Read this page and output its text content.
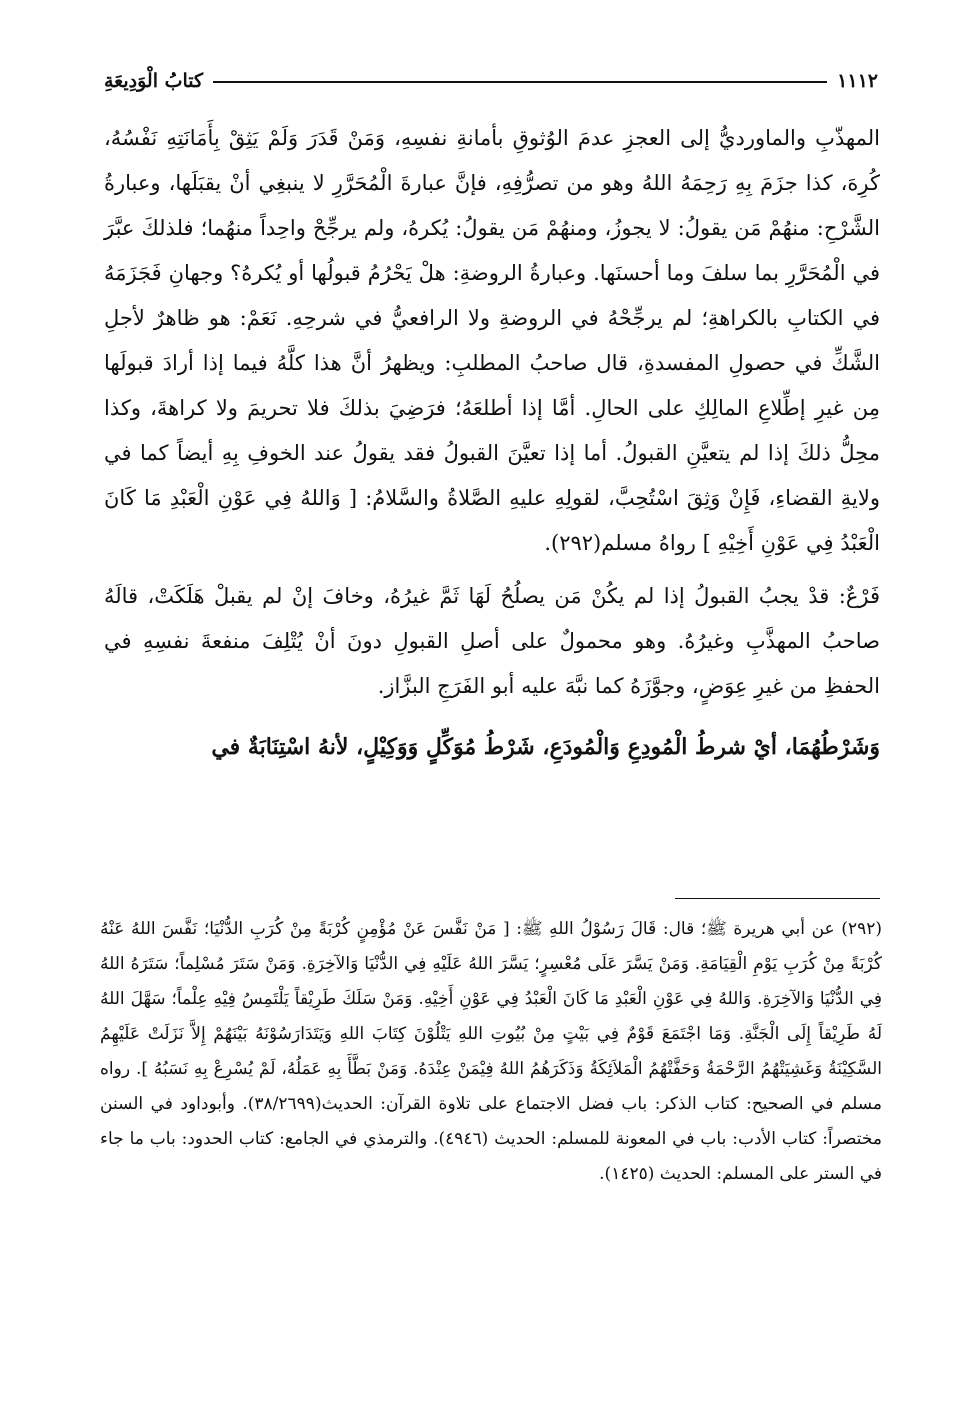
١١١٢
كتابُ الْوَدِيعَةِ

المهذّبِ والماورديُّ إلى العجزِ عدمَ الوُثوقِ بأمانةِ نفسِهِ، وَمَنْ قَدَرَ وَلَمْ يَثِقْ بِأَمَانَتِهِ نَفْسُهُ، كُرِهَ، كذا جزَمَ بِهِ رَحِمَهُ اللهُ وهو من تصرُّفِهِ، فإنَّ عبارةَ الْمُحَرَّرِ لا ينبغِي أنْ يقبَلَها، وعبارةُ الشَّرْحِ: منهُمْ مَن يقولُ: لا يجوزُ، ومنهُمْ مَن يقولُ: يُكرهُ، ولم يرجِّحْ واحِداً منهُما؛ فلذلكَ عبَّرَ في الْمُحَرَّرِ بما سلفَ وما أحسنَها. وعبارةُ الروضةِ: هلْ يَحْرُمُ قبولُها أو يُكرهُ؟ وجهانِ فَجَزَمَهُ في الكتابِ بالكراهةِ؛ لم يرجِّحْهُ في الروضةِ ولا الرافعيُّ في شرحِهِ. نَعَمْ: هو ظاهرٌ لأجلِ الشَّكِّ في حصولِ المفسدةِ، قال صاحبُ المطلبِ: ويظهرُ أنَّ هذا كلَّهُ فيما إذا أرادَ قبولَها مِن غيرِ إطِّلاعِ المالِكِ على الحالِ. أمَّا إذا أطلعَهُ؛ فرَضِيَ بذلكَ فلا تحريمَ ولا كراهةَ، وكذا محِلُّ ذلكَ إذا لم يتعيَّنِ القبولُ. أما إذا تعيَّنَ القبولُ فقد يقولُ عند الخوفِ بِهِ أيضاً كما في ولايةِ القضاءِ، فَإِنْ وَثِقَ اسْتُحِبَّ، لقولِهِ عليهِ الصَّلاةُ والسَّلامُ: [ وَاللهُ فِي عَوْنِ الْعَبْدِ مَا كَانَ الْعَبْدُ فِي عَوْنِ أَخِيْهِ ] رواهُ مسلم(٢٩٢).

فَرْعٌ: قدْ يجبُ القبولُ إذا لم يكُنْ مَن يصلُحُ لَهَا ثَمَّ غيرُهُ، وخافَ إنْ لم يقبلْ هَلَكَتْ، قالَهُ صاحبُ المهذَّبِ وغيرُهُ. وهو محمولٌ على أصلِ القبولِ دونَ أنْ يُتْلِفَ منفعةَ نفسِهِ في الحفظِ من غيرِ عِوَضٍ، وجوَّزَهُ كما نبَّهَ عليه أبو الفَرَجِ البزَّاز.

وَشَرْطُهُمَا، أيْ شرطُ الْمُودِعِ وَالْمُودَعِ، شَرْطُ مُوَكِّلٍ وَوَكِيْلٍ، لأنهُ اسْتِنَابَةٌ في

(٢٩٢) عن أبي هريرة ﷺ؛ قال: قَالَ رَسُوْلُ اللهِ ﷺ: [ مَنْ نَفَّسَ عَنْ مُؤْمِنٍ كُرْبَةً مِنْ كُرَبِ الدُّنْيَا؛ نَفَّسَ اللهُ عَنْهُ كُرْبَةً مِنْ كُرَبِ يَوْمِ الْقِيَامَةِ. وَمَنْ يَسَّرَ عَلَى مُعْسِرٍ؛ يَسَّرَ اللهُ عَلَيْهِ فِي الدُّنْيَا وَالآخِرَةِ. وَمَنْ سَتَرَ مُسْلِماً؛ سَتَرَهُ اللهُ فِي الدُّنْيَا وَالآخِرَةِ. وَاللهُ فِي عَوْنِ الْعَبْدِ مَا كَانَ الْعَبْدُ فِي عَوْنِ أَخِيْهِ. وَمَنْ سَلَكَ طَرِيْقاً يَلْتَمِسُ فِيْهِ عِلْماً؛ سَهَّلَ اللهُ لَهُ طَرِيْقاً إِلَى الْجَنَّةِ. وَمَا اجْتَمَعَ قَوْمٌ فِي بَيْتٍ مِنْ بُيُوتِ اللهِ يَتْلُوْنَ كِتَابَ اللهِ وَيَتَدَارَسُوْنَهُ بَيْنَهُمْ إِلاَّ نَزَلَتْ عَلَيْهِمُ السَّكِيْنَةُ وَغَشِيَتْهُمُ الرَّحْمَةُ وَحَفَّتْهُمُ الْمَلاَئِكَةُ وَذَكَرَهُمُ اللهُ فِيْمَنْ عِنْدَهُ. وَمَنْ بَطَّأَ بِهِ عَمَلُهُ، لَمْ يُسْرِعْ بِهِ نَسَبُهُ ]. رواه مسلم في الصحيح: كتاب الذكر: باب فضل الاجتماع على تلاوة القرآن: الحديث(٣٨/٢٦٩٩). وأبوداود في السنن مختصراً: كتاب الأدب: باب في المعونة للمسلم: الحديث (٤٩٤٦). والترمذي في الجامع: كتاب الحدود: باب ما جاء في الستر على المسلم: الحديث (١٤٢٥).
